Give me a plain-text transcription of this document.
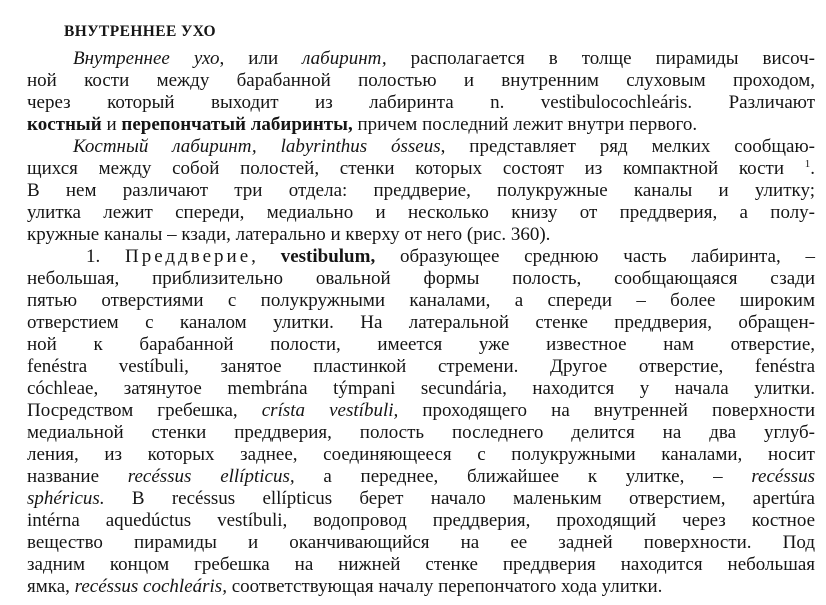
ВНУТРЕННЕЕ УХО
Внутреннее ухо, или лабиринт, располагается в толще пирамиды височ-
ной кости между барабанной полостью и внутренним слуховым проходом,
через который выходит из лабиринта n. vestibulocochleáris. Различают
костный и перепончатый лабиринты, причем последний лежит внутри первого.
Костный лабиринт, labyrinthus ósseus, представляет ряд мелких сообщаю-
щихся между собой полостей, стенки которых состоят из компактной кости $^1$.
В нем различают три отдела: преддверие, полукружные каналы и улитку;
улитка лежит спереди, медиально и несколько книзу от преддверия, а полу-
кружные каналы – кзади, латерально и кверху от него (рис. 360).
1. Преддверие, vestibulum, образующее среднюю часть лабиринта, –
небольшая, приблизительно овальной формы полость, сообщающаяся сзади
пятью отверстиями с полукружными каналами, а спереди – более широким
отверстием с каналом улитки. На латеральной стенке преддверия, обращен-
ной к барабанной полости, имеется уже известное нам отверстие,
fenéstra vestíbuli, занятое пластинкой стремени. Другое отверстие, fenéstra
cóchleae, затянутое membrána týmpani secundária, находится у начала улитки.
Посредством гребешка, crísta vestíbuli, проходящего на внутренней поверхности
медиальной стенки преддверия, полость последнего делится на два углуб-
ления, из которых заднее, соединяющееся с полукружными каналами, носит
название recéssus ellípticus, а переднее, ближайшее к улитке, – recéssus
sphéricus. В recéssus ellípticus берет начало маленьким отверстием, apertúra
intérna aquedúctus vestíbuli, водопровод преддверия, проходящий через костное
вещество пирамиды и оканчивающийся на ее задней поверхности. Под
задним концом гребешка на нижней стенке преддверия находится небольшая
ямка, recéssus cochleáris, соответствующая началу перепончатого хода улитки.
